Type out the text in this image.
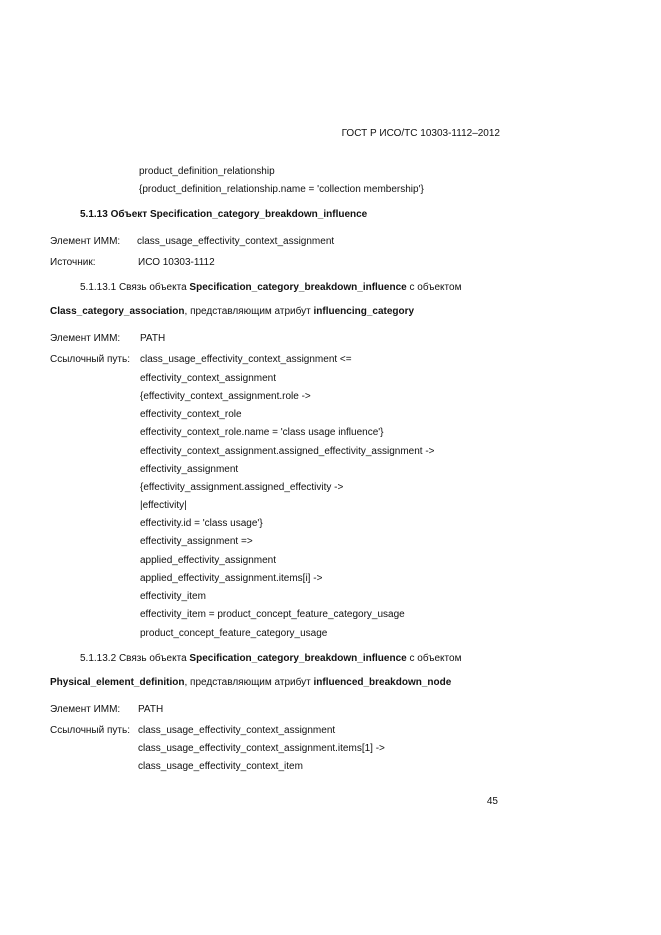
ГОСТ Р ИСО/ТС 10303-1112–2012
product_definition_relationship
{product_definition_relationship.name = 'collection membership'}
5.1.13 Объект Specification_category_breakdown_influence
Элемент ИММ: class_usage_effectivity_context_assignment
Источник:	ИСО 10303-1112
5.1.13.1 Связь объекта Specification_category_breakdown_influence с объектом
Class_category_association, представляющим атрибут influencing_category
Элемент ИММ: PATH
Ссылочный путь: class_usage_effectivity_context_assignment <=
effectivity_context_assignment
{effectivity_context_assignment.role ->
effectivity_context_role
effectivity_context_role.name = 'class usage influence'}
effectivity_context_assignment.assigned_effectivity_assignment ->
effectivity_assignment
{effectivity_assignment.assigned_effectivity ->
|effectivity|
effectivity.id = 'class usage'}
effectivity_assignment =>
applied_effectivity_assignment
applied_effectivity_assignment.items[i] ->
effectivity_item
effectivity_item = product_concept_feature_category_usage
product_concept_feature_category_usage
5.1.13.2 Связь объекта Specification_category_breakdown_influence с объектом
Physical_element_definition, представляющим атрибут influenced_breakdown_node
Элемент ИММ: PATH
Ссылочный путь: class_usage_effectivity_context_assignment
class_usage_effectivity_context_assignment.items[1] ->
class_usage_effectivity_context_item
45
